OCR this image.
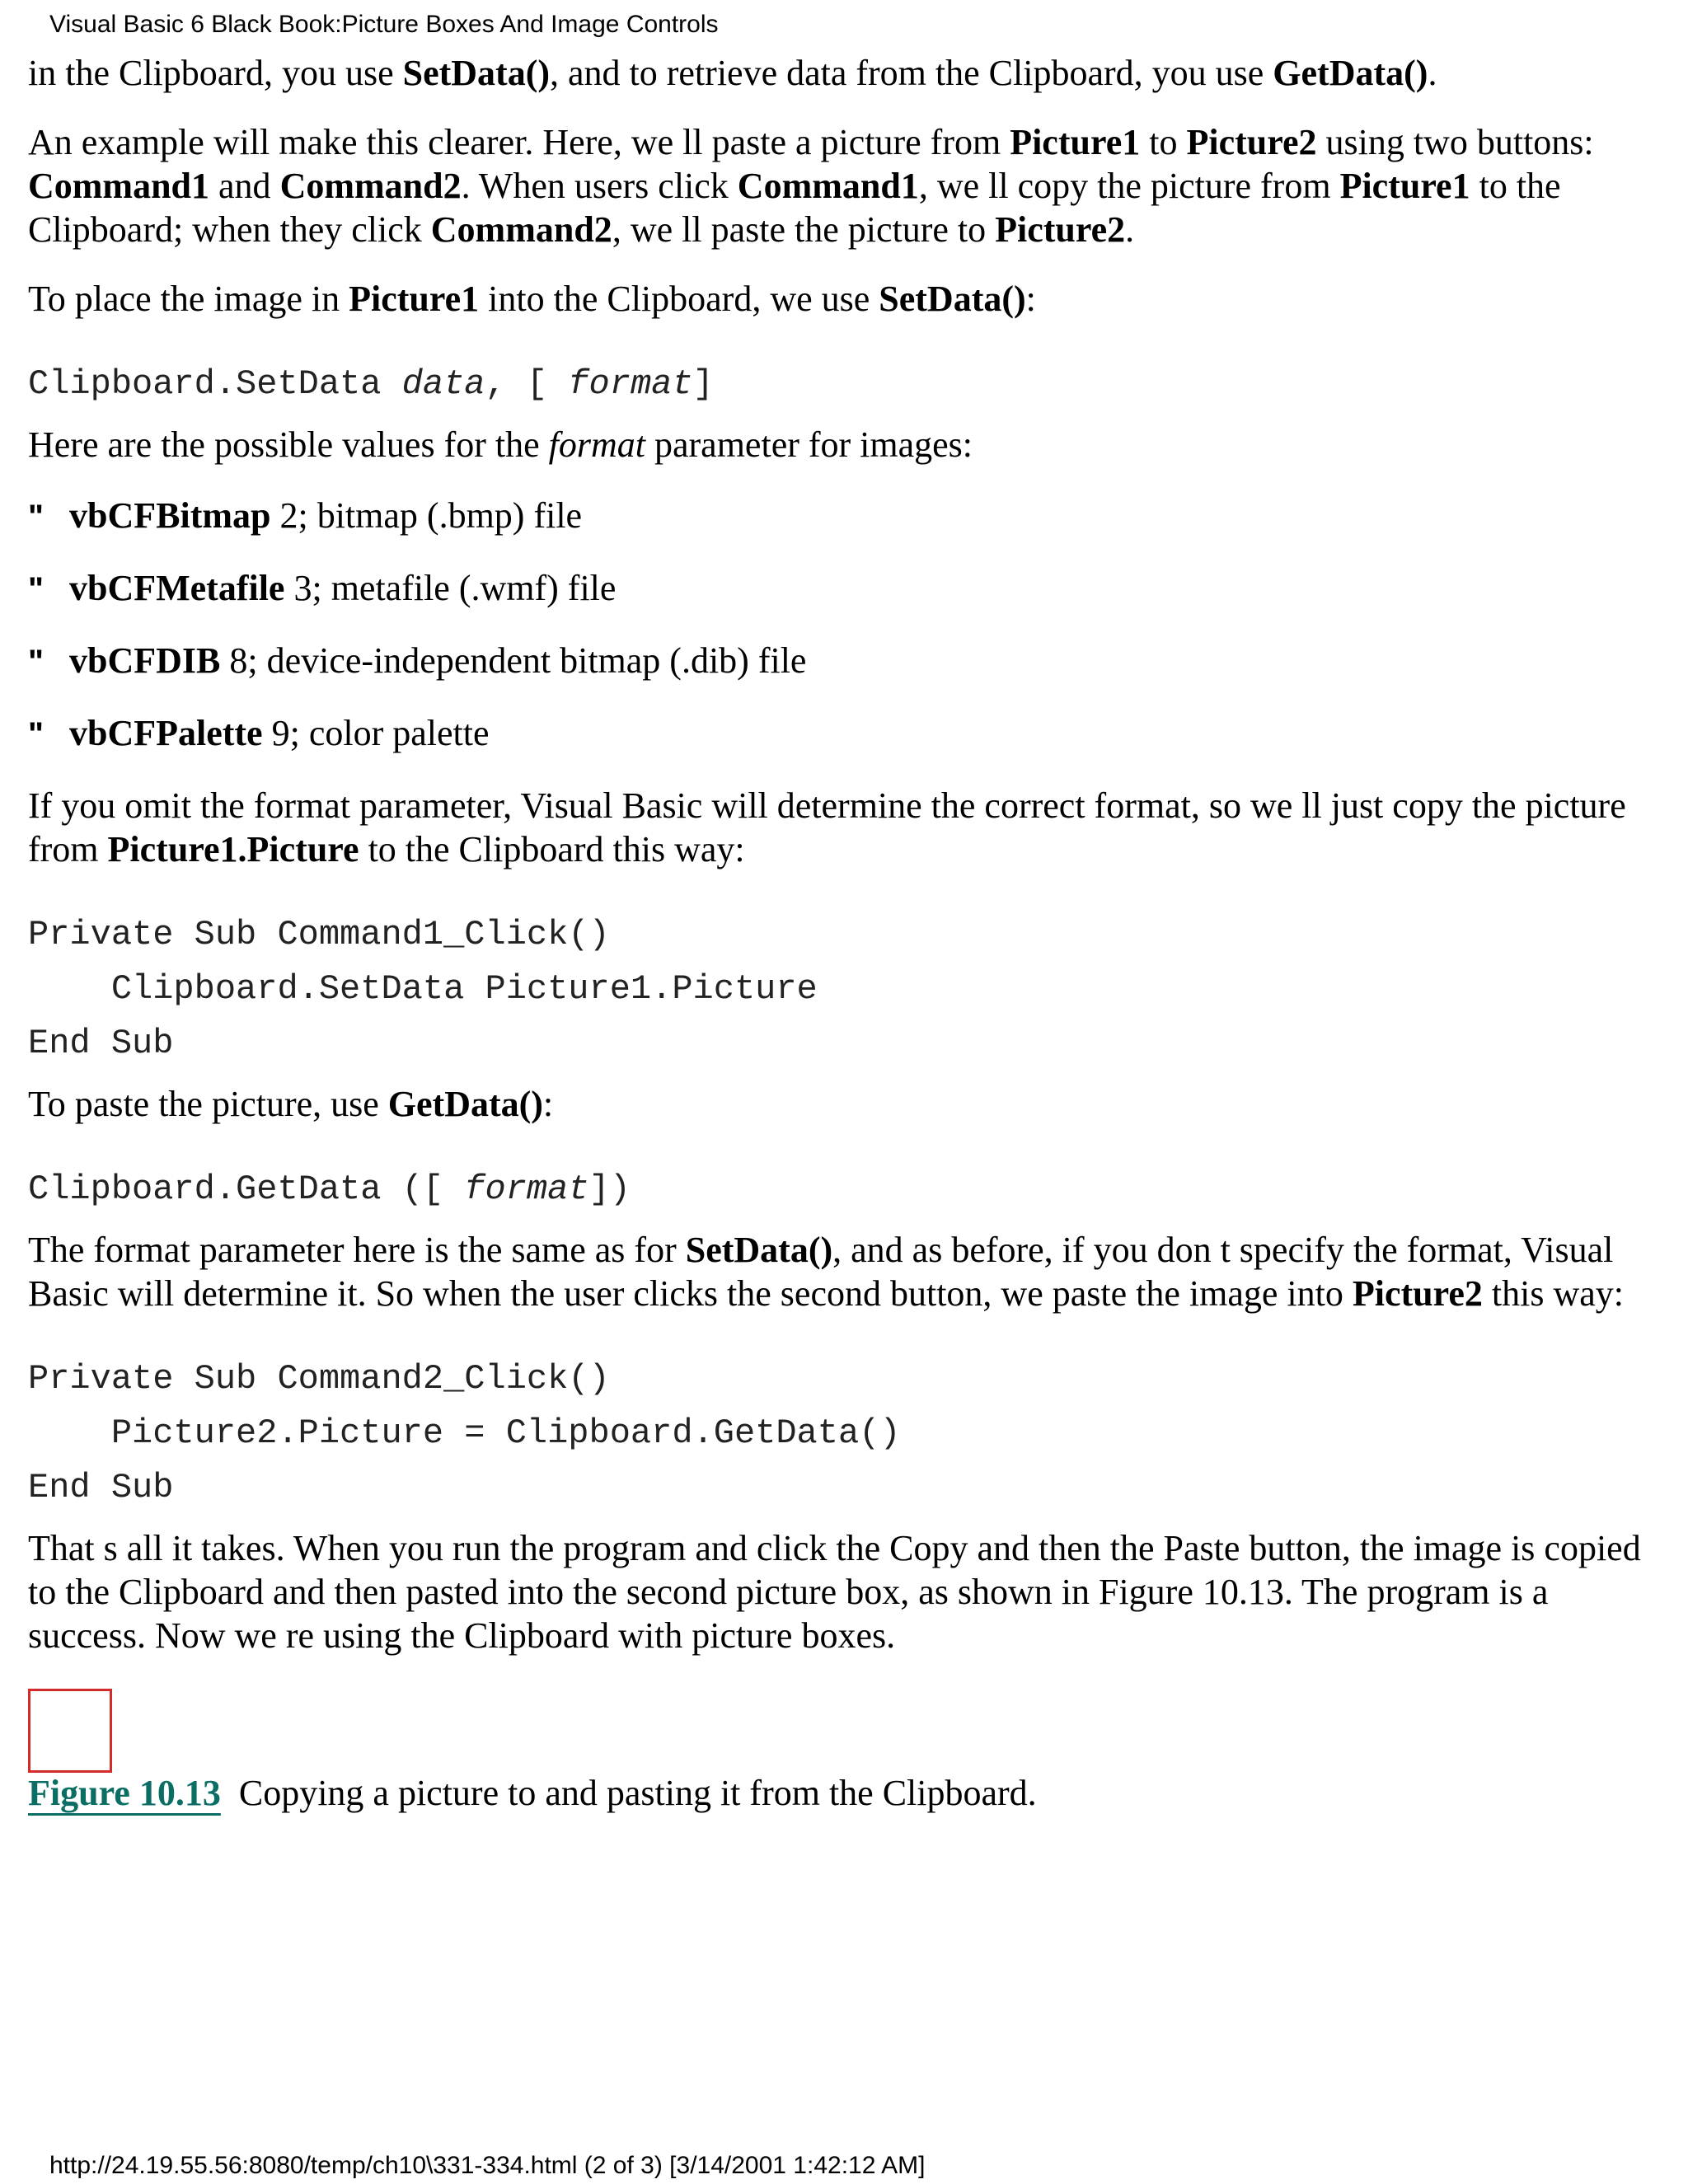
Visual Basic 6 Black Book:Picture Boxes And Image Controls

in the Clipboard, you use SetData(), and to retrieve data from the Clipboard, you use GetData().

An example will make this clearer. Here, we ll paste a picture from Picture1 to Picture2 using two buttons: Command1 and Command2. When users click Command1, we ll copy the picture from Picture1 to the Clipboard; when they click Command2, we ll paste the picture to Picture2.

To place the image in Picture1 into the Clipboard, we use SetData():

Clipboard.SetData data, [ format]

Here are the possible values for the format parameter for images:

" vbCFBitmap 2; bitmap (.bmp) file

" vbCFMetafile 3; metafile (.wmf) file

" vbCFDIB 8; device-independent bitmap (.dib) file

" vbCFPalette 9; color palette

If you omit the format parameter, Visual Basic will determine the correct format, so we ll just copy the picture from Picture1.Picture to the Clipboard this way:

Private Sub Command1_Click()
Clipboard.SetData Picture1.Picture
End Sub

To paste the picture, use GetData():

Clipboard.GetData ([ format])

The format parameter here is the same as for SetData(), and as before, if you don t specify the format, Visual Basic will determine it. So when the user clicks the second button, we paste the image into Picture2 this way:

Private Sub Command2_Click()
Picture2.Picture = Clipboard.GetData()
End Sub

That s all it takes. When you run the program and click the Copy and then the Paste button, the image is copied to the Clipboard and then pasted into the second picture box, as shown in Figure 10.13. The program is a success. Now we re using the Clipboard with picture boxes.

Figure 10.13  Copying a picture to and pasting it from the Clipboard.

http://24.19.55.56:8080/temp/ch10\331-334.html (2 of 3) [3/14/2001 1:42:12 AM]
